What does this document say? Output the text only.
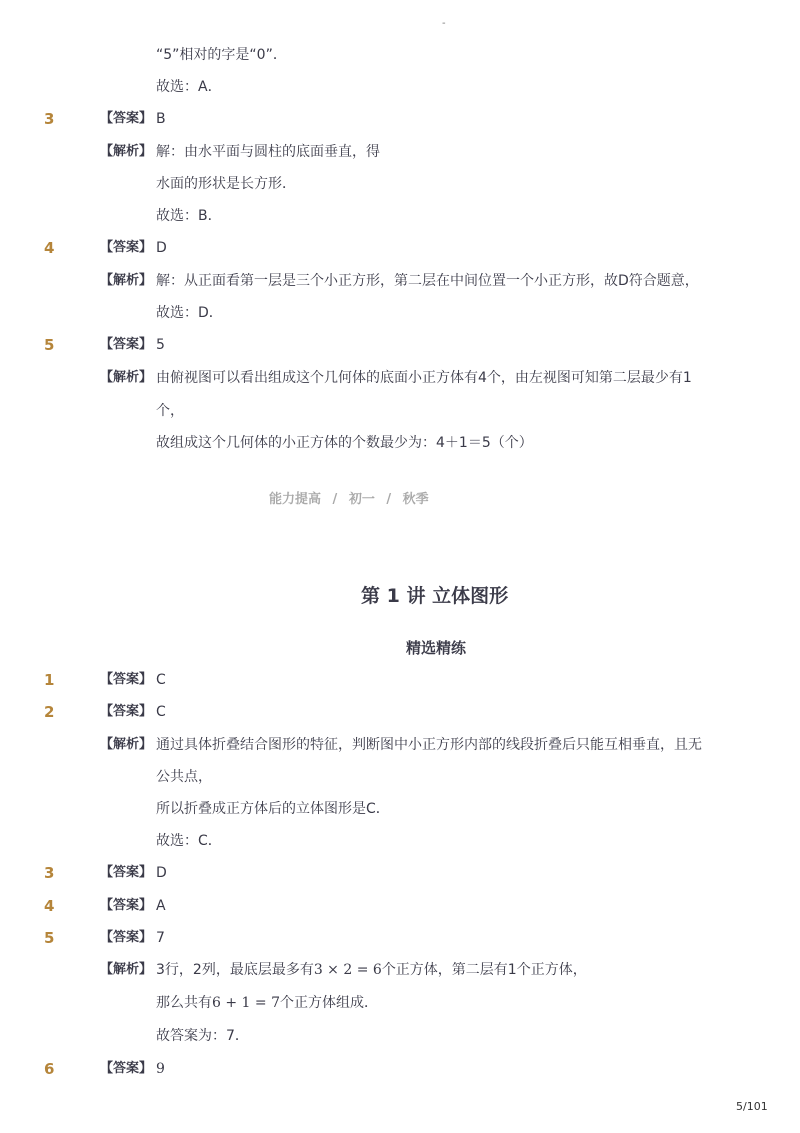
-
“5”相对的字是“0”．
故选：A．
3	【答案】 B
【解析】 解：由水平面与圆柱的底面垂直，得
水面的形状是长方形．
故选：B．
4	【答案】 D
【解析】 解：从正面看第一层是三个小正方形，第二层在中间位置一个小正方形，故D符合题意，
故选：D．
5	【答案】 5
【解析】 由俯视图可以看出组成这个几何体的底面小正方体有4个，由左视图可知第二层最少有1
个，
故组成这个几何体的小正方体的个数最少为：4＋1＝5（个）
能力提高 / 初一 / 秋季
第 1 讲 立体图形
精选精练
1	【答案】 C
2	【答案】 C
【解析】 通过具体折叠结合图形的特征，判断图中小正方形内部的线段折叠后只能互相垂直，且无
公共点，
所以折叠成正方体后的立体图形是C．
故选：C．
3	【答案】 D
4	【答案】 A
5	【答案】 7
【解析】 3行，2列，最底层最多有3 × 2 = 6个正方体，第二层有1个正方体，
那么共有6 + 1 = 7个正方体组成．
故答案为：7．
6	【答案】 9
5/101
